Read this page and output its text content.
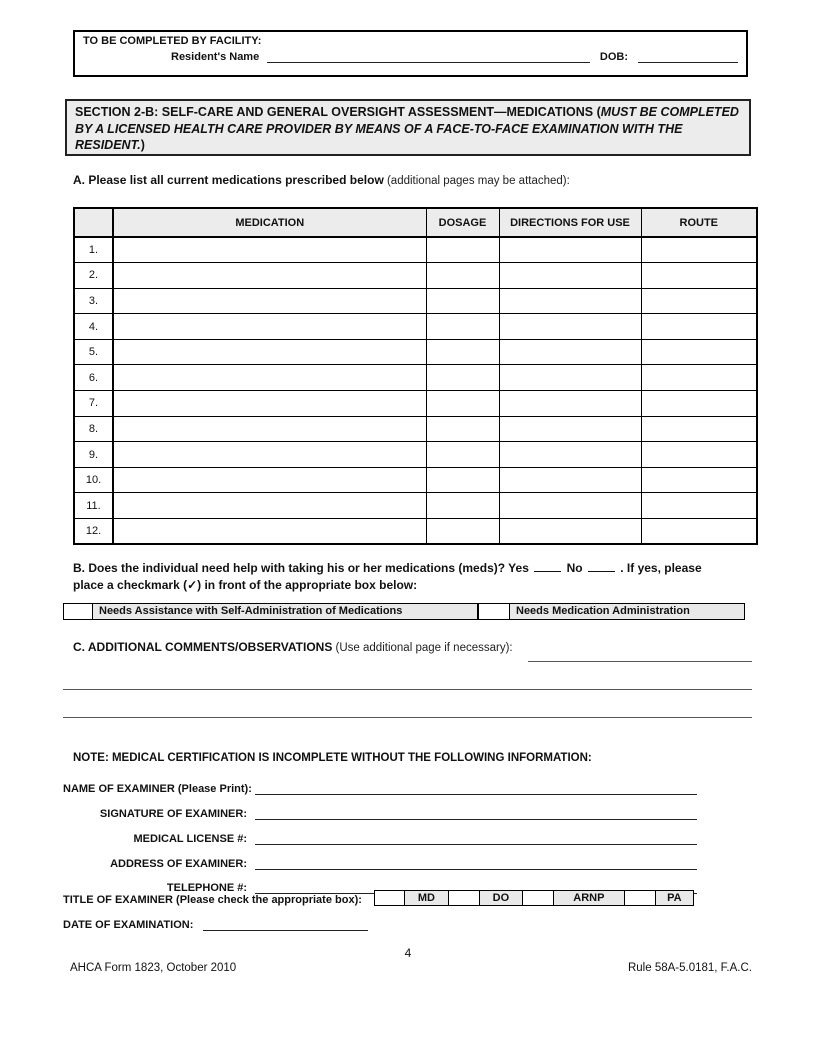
TO BE COMPLETED BY FACILITY:
Resident's Name	DOB:
SECTION 2-B: SELF-CARE AND GENERAL OVERSIGHT ASSESSMENT—MEDICATIONS (MUST BE COMPLETED BY A LICENSED HEALTH CARE PROVIDER BY MEANS OF A FACE-TO-FACE EXAMINATION WITH THE RESIDENT.)
A. Please list all current medications prescribed below (additional pages may be attached):
	MEDICATION	DOSAGE	DIRECTIONS FOR USE	ROUTE
1.				
2.				
3.				
4.				
5.				
6.				
7.				
8.				
9.				
10.				
11.				
12.				
B. Does the individual need help with taking his or her medications (meds)? Yes	No	. If yes, please
place a checkmark (✓) in front of the appropriate box below:
Needs Assistance with Self-Administration of Medications	Needs Medication Administration
C. ADDITIONAL COMMENTS/OBSERVATIONS (Use additional page if necessary):
NOTE: MEDICAL CERTIFICATION IS INCOMPLETE WITHOUT THE FOLLOWING INFORMATION:
NAME OF EXAMINER (Please Print):
SIGNATURE OF EXAMINER:
MEDICAL LICENSE #:
ADDRESS OF EXAMINER:
TELEPHONE #:
TITLE OF EXAMINER (Please check the appropriate box):	MD	DO	ARNP	PA
DATE OF EXAMINATION:
4
AHCA Form 1823, October 2010	Rule 58A-5.0181, F.A.C.
